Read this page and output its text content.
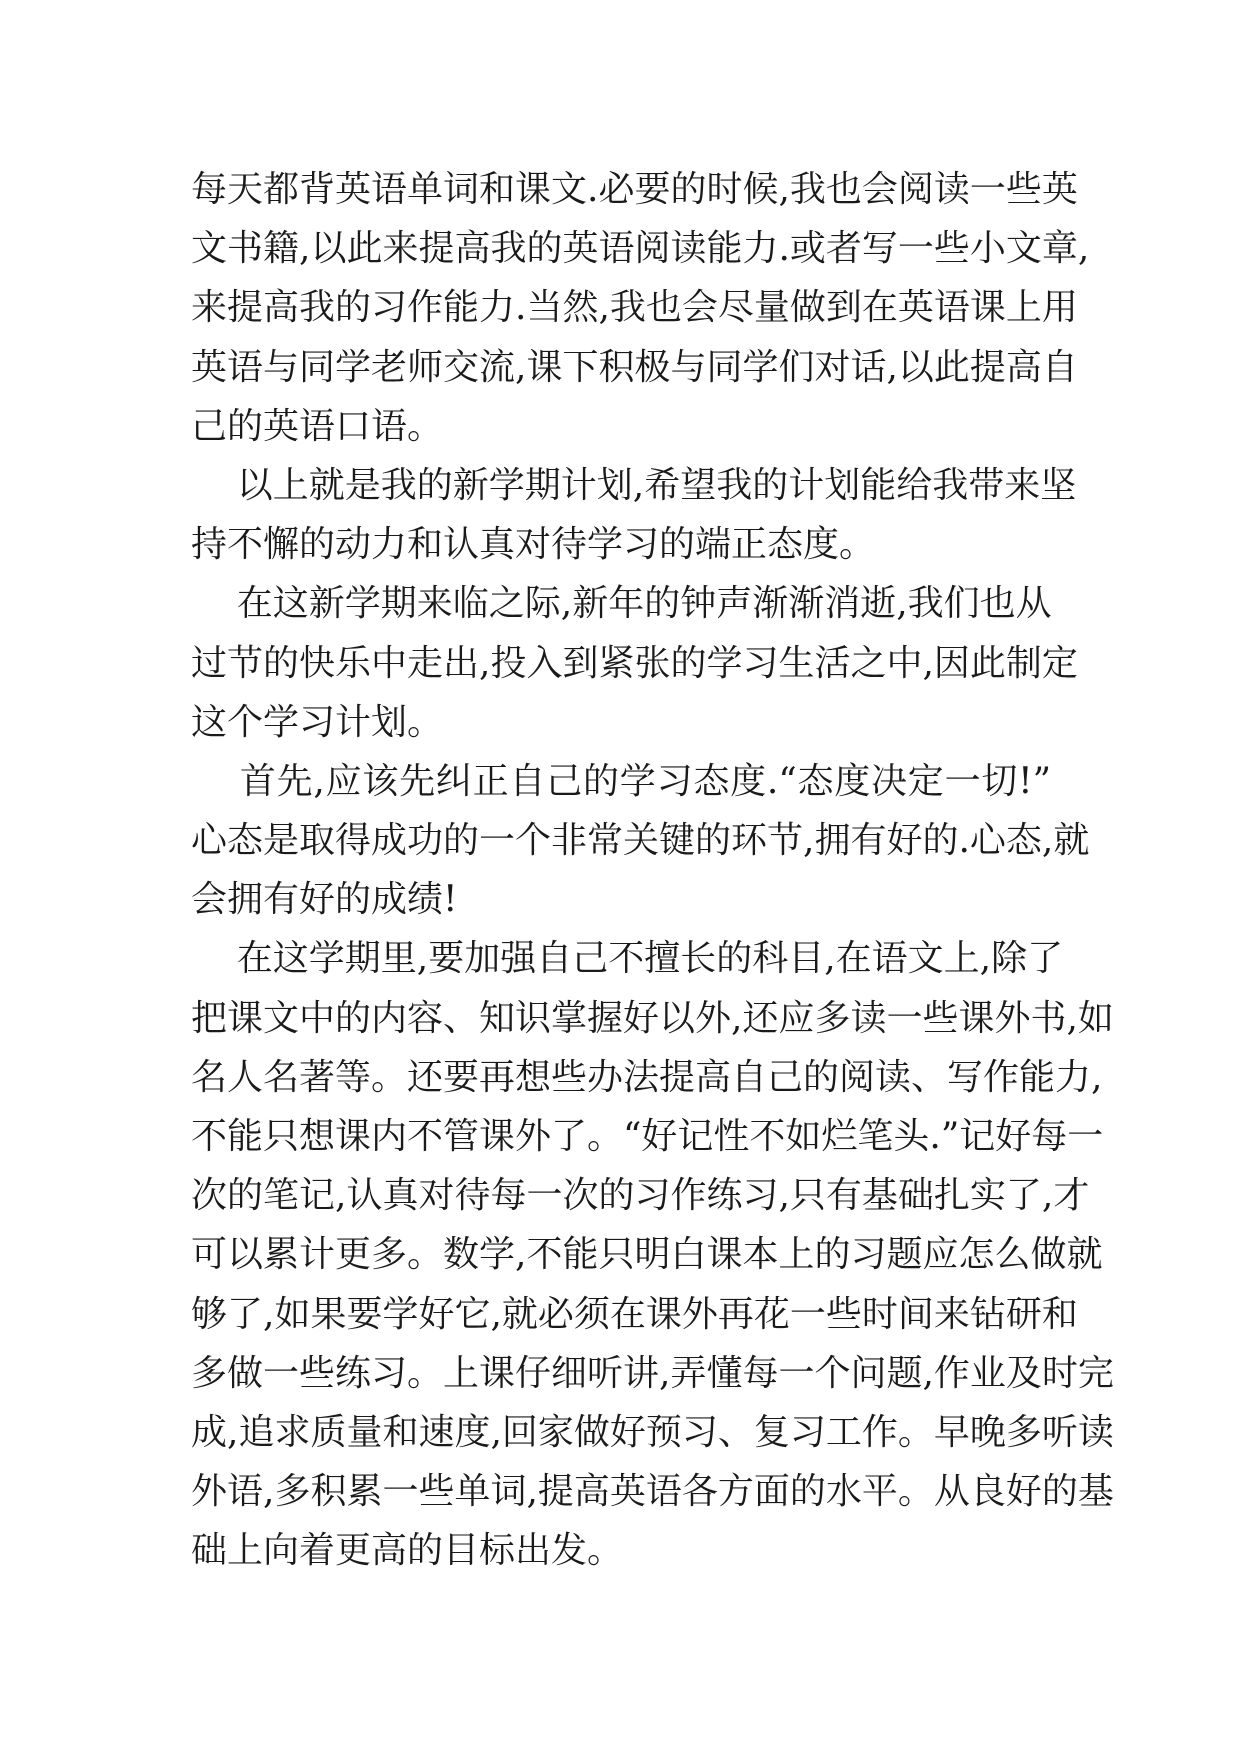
每天都背英语单词和课文.必要的时候,我也会阅读一些英
文书籍,以此来提高我的英语阅读能力.或者写一些小文章,
来提高我的习作能力.当然,我也会尽量做到在英语课上用
英语与同学老师交流,课下积极与同学们对话,以此提高自
己的英语口语。
以上就是我的新学期计划,希望我的计划能给我带来坚
持不懈的动力和认真对待学习的端正态度。
在这新学期来临之际,新年的钟声渐渐消逝,我们也从
过节的快乐中走出,投入到紧张的学习生活之中,因此制定
这个学习计划。
首先,应该先纠正自己的学习态度.“态度决定一切!”
心态是取得成功的一个非常关键的环节,拥有好的.心态,就
会拥有好的成绩!
在这学期里,要加强自己不擅长的科目,在语文上,除了
把课文中的内容、知识掌握好以外,还应多读一些课外书,如
名人名著等。还要再想些办法提高自己的阅读、写作能力,
不能只想课内不管课外了。“好记性不如烂笔头.”记好每一
次的笔记,认真对待每一次的习作练习,只有基础扎实了,才
可以累计更多。数学,不能只明白课本上的习题应怎么做就
够了,如果要学好它,就必须在课外再花一些时间来钻研和
多做一些练习。上课仔细听讲,弄懂每一个问题,作业及时完
成,追求质量和速度,回家做好预习、复习工作。早晚多听读
外语,多积累一些单词,提高英语各方面的水平。从良好的基
础上向着更高的目标出发。
